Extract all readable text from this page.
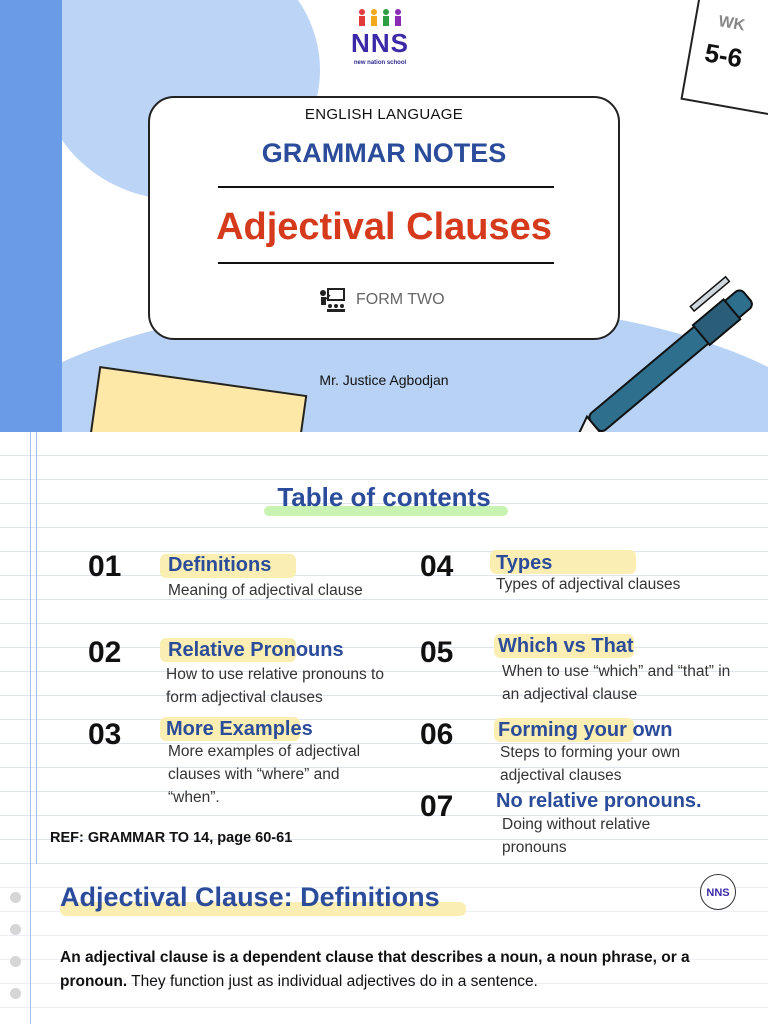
NNS
new nation school
WK
5-6
ENGLISH LANGUAGE
GRAMMAR NOTES
Adjectival Clauses
FORM TWO
Mr. Justice Agbodjan
Table of contents
01 Definitions
Meaning of adjectival clause
02 Relative Pronouns
How to use relative pronouns to form adjectival clauses
03 More Examples
More examples of adjectival clauses with “where” and “when”.
04 Types
Types of adjectival clauses
05 Which vs That
When to use “which” and “that” in an adjectival clause
06 Forming your own
Steps to forming your own adjectival clauses
07 No relative pronouns.
Doing without relative pronouns
REF: GRAMMAR TO 14, page 60-61
Adjectival Clause: Definitions	NNS

An adjectival clause is a dependent clause that describes a noun, a noun phrase, or a pronoun. They function just as individual adjectives do in a sentence.
